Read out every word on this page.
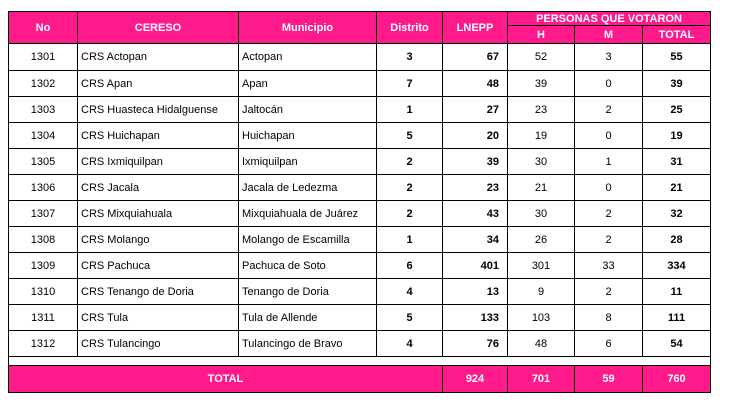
No	CERESO	Municipio	Distrito	LNEPP	PERSONAS QUE VOTARON		
					H	M	TOTAL
1301	CRS Actopan	Actopan	3	67	52	3	55
1302	CRS Apan	Apan	7	48	39	0	39
1303	CRS Huasteca Hidalguense	Jaltocán	1	27	23	2	25
1304	CRS Huichapan	Huichapan	5	20	19	0	19
1305	CRS Ixmiquilpan	Ixmiquilpan	2	39	30	1	31
1306	CRS Jacala	Jacala de Ledezma	2	23	21	0	21
1307	CRS Mixquiahuala	Mixquiahuala de Juárez	2	43	30	2	32
1308	CRS Molango	Molango de Escamilla	1	34	26	2	28
1309	CRS Pachuca	Pachuca de Soto	6	401	301	33	334
1310	CRS Tenango de Doria	Tenango de Doria	4	13	9	2	11
1311	CRS Tula	Tula de Allende	5	133	103	8	111
1312	CRS Tulancingo	Tulancingo de Bravo	4	76	48	6	54

TOTAL				924	701	59	760
